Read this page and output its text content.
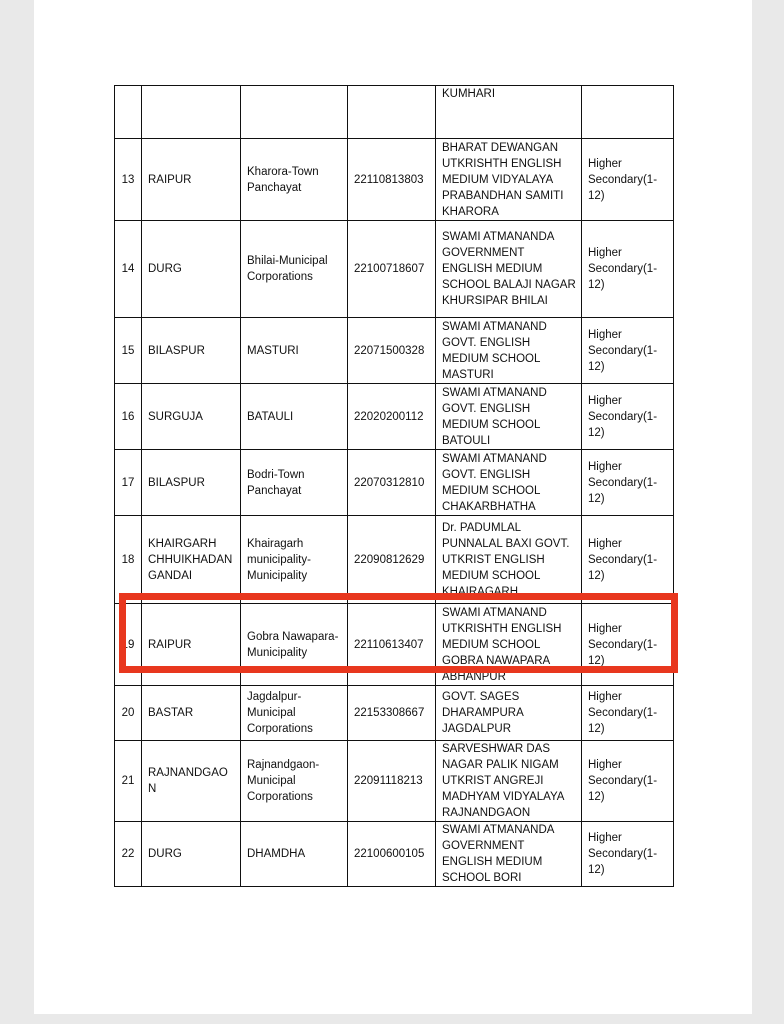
				KUMHARI	
13	RAIPUR	Kharora-Town Panchayat	22110813803	BHARAT DEWANGAN UTKRISHTH ENGLISH MEDIUM VIDYALAYA PRABANDHAN SAMITI KHARORA	Higher Secondary(1-12)
14	DURG	Bhilai-Municipal Corporations	22100718607	SWAMI ATMANANDA GOVERNMENT ENGLISH MEDIUM SCHOOL BALAJI NAGAR KHURSIPAR BHILAI	Higher Secondary(1-12)
15	BILASPUR	MASTURI	22071500328	SWAMI ATMANAND GOVT. ENGLISH MEDIUM SCHOOL MASTURI	Higher Secondary(1-12)
16	SURGUJA	BATAULI	22020200112	SWAMI ATMANAND GOVT. ENGLISH MEDIUM SCHOOL BATOULI	Higher Secondary(1-12)
17	BILASPUR	Bodri-Town Panchayat	22070312810	SWAMI ATMANAND GOVT. ENGLISH MEDIUM SCHOOL CHAKARBHATHA	Higher Secondary(1-12)
18	KHAIRGARH CHHUIKHADAN GANDAI	Khairagarh municipality-Municipality	22090812629	Dr. PADUMLAL PUNNALAL BAXI GOVT. UTKRIST ENGLISH MEDIUM SCHOOL KHAIRAGARH	Higher Secondary(1-12)
19	RAIPUR	Gobra Nawapara-Municipality	22110613407	SWAMI ATMANAND UTKRISHTH ENGLISH MEDIUM SCHOOL GOBRA NAWAPARA ABHANPUR	Higher Secondary(1-12)
20	BASTAR	Jagdalpur-Municipal Corporations	22153308667	GOVT. SAGES DHARAMPURA JAGDALPUR	Higher Secondary(1-12)
21	RAJNANDGAON	Rajnandgaon-Municipal Corporations	22091118213	SARVESHWAR DAS NAGAR PALIK NIGAM UTKRIST ANGREJI MADHYAM VIDYALAYA RAJNANDGAON	Higher Secondary(1-12)
22	DURG	DHAMDHA	22100600105	SWAMI ATMANANDA GOVERNMENT ENGLISH MEDIUM SCHOOL BORI	Higher Secondary(1-12)
